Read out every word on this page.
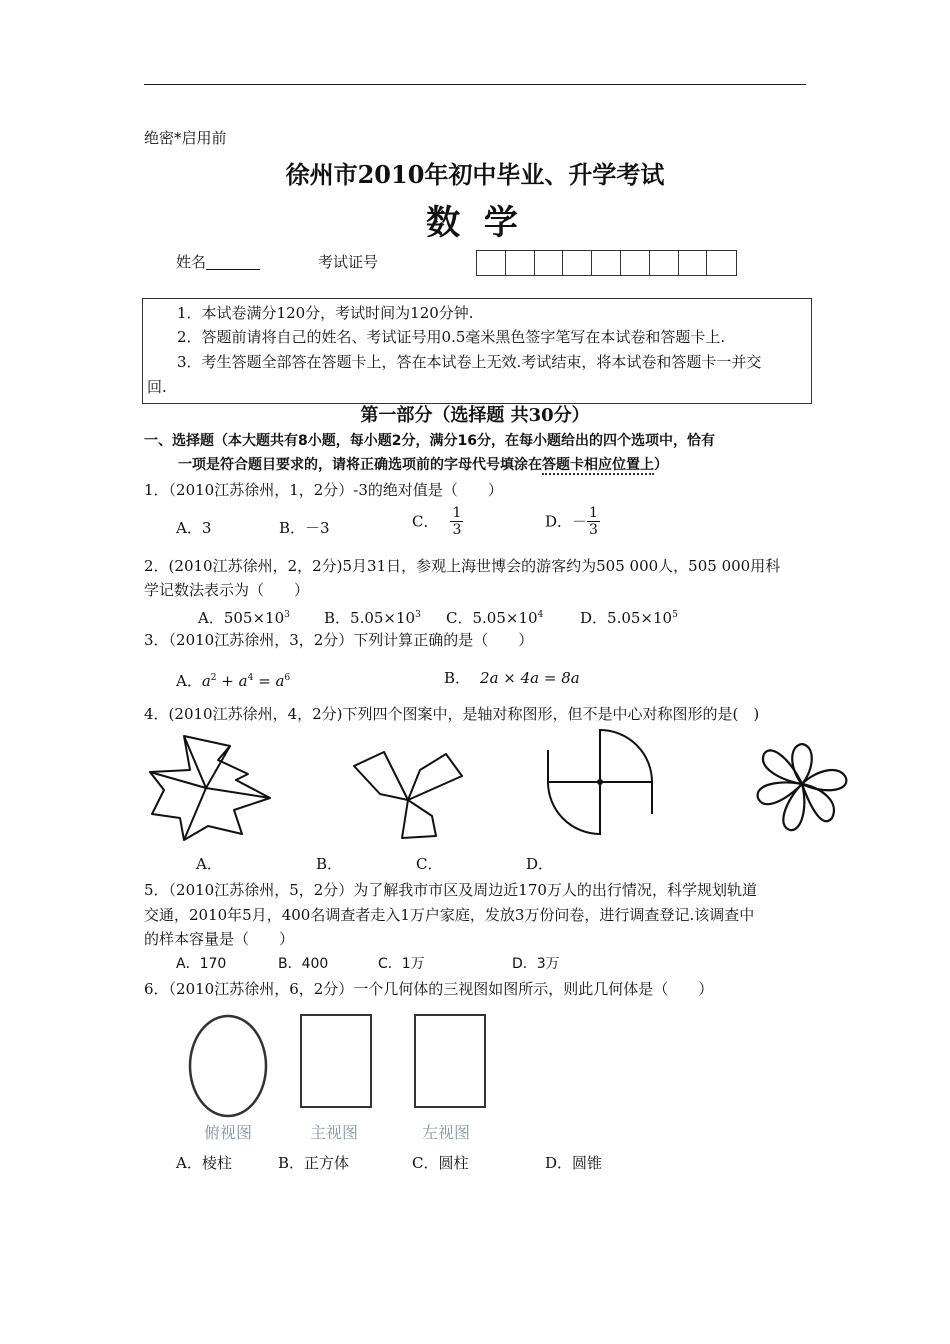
绝密*启用前
徐州市2010年初中毕业、升学考试
数 学
姓名	考试证号
1．本试卷满分120分，考试时间为120分钟.
2．答题前请将自己的姓名、考试证号用0.5毫米黑色签字笔写在本试卷和答题卡上.
3．考生答题全部答在答题卡上，答在本试卷上无效.考试结束，将本试卷和答题卡一并交
回.
第一部分（选择题 共30分）
一、选择题（本大题共有8小题，每小题2分，满分16分，在每小题给出的四个选项中，恰有
一项是符合题目要求的，请将正确选项前的字母代号填涂在答题卡相应位置上）
1．（2010江苏徐州，1，2分）-3的绝对值是（　　）
A．3	B．－3	C． $\frac{1}{3}$	D．－ $\frac{1}{3}$
2．(2010江苏徐州，2，2分)5月31日，参观上海世博会的游客约为505 000人，505 000用科
学记数法表示为（　　）
A．$505\times 10^3$ B．$5.05\times 10^3$ C．$5.05\times 10^4$ D．$5.05\times 10^5$
3．（2010江苏徐州，3，2分）下列计算正确的是（　　）
A．$a^2 + a^4 = a^6$	B． 2a × 4a = 8a
4．(2010江苏徐州，4，2分)下列四个图案中，是轴对称图形，但不是中心对称图形的是(　)
A．	B．	C．	D．
5．（2010江苏徐州，5，2分）为了解我市市区及周边近170万人的出行情况，科学规划轨道
交通，2010年5月，400名调查者走入1万户家庭，发放3万份问卷，进行调查登记.该调查中
的样本容量是（　　）
A．170	B．400	C．1万	D．3万
6．（2010江苏徐州，6，2分）一个几何体的三视图如图所示，则此几何体是（　　）
俯视图	主视图	左视图
A．棱柱	B．正方体	C．圆柱	D．圆锥
